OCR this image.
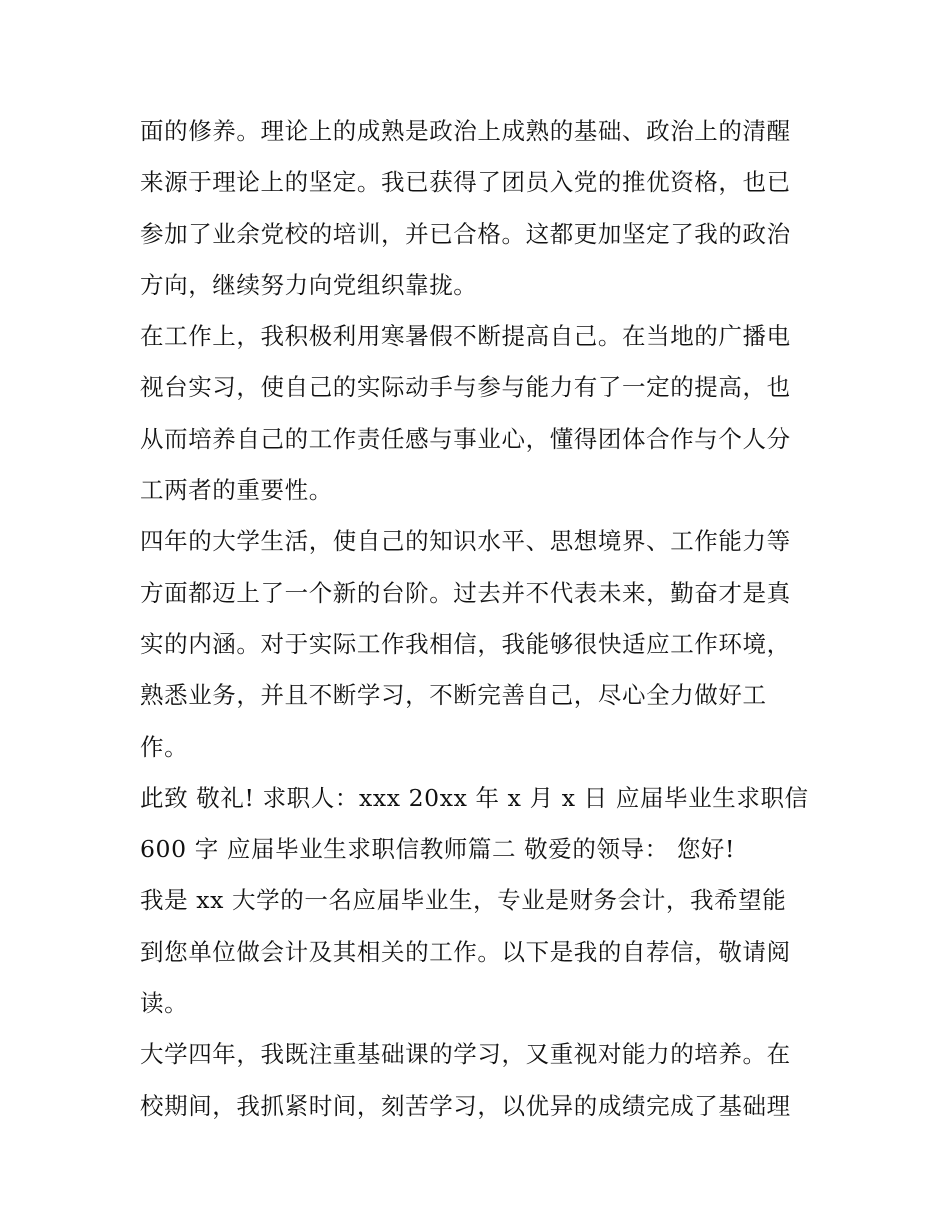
面的修养。理论上的成熟是政治上成熟的基础、政治上的清醒
来源于理论上的坚定。我已获得了团员入党的推优资格，也已
参加了业余党校的培训，并已合格。这都更加坚定了我的政治
方向，继续努力向党组织靠拢。
在工作上，我积极利用寒暑假不断提高自己。在当地的广播电
视台实习，使自己的实际动手与参与能力有了一定的提高，也
从而培养自己的工作责任感与事业心，懂得团体合作与个人分
工两者的重要性。
四年的大学生活，使自己的知识水平、思想境界、工作能力等
方面都迈上了一个新的台阶。过去并不代表未来，勤奋才是真
实的内涵。对于实际工作我相信，我能够很快适应工作环境，
熟悉业务，并且不断学习，不断完善自己，尽心全力做好工
作。
此致 敬礼! 求职人：xxx 20xx 年 x 月 x 日 应届毕业生求职信
600 字 应届毕业生求职信教师篇二 敬爱的领导： 您好!
我是 xx 大学的一名应届毕业生，专业是财务会计，我希望能
到您单位做会计及其相关的工作。以下是我的自荐信，敬请阅
读。
大学四年，我既注重基础课的学习，又重视对能力的培养。在
校期间，我抓紧时间，刻苦学习，以优异的成绩完成了基础理
